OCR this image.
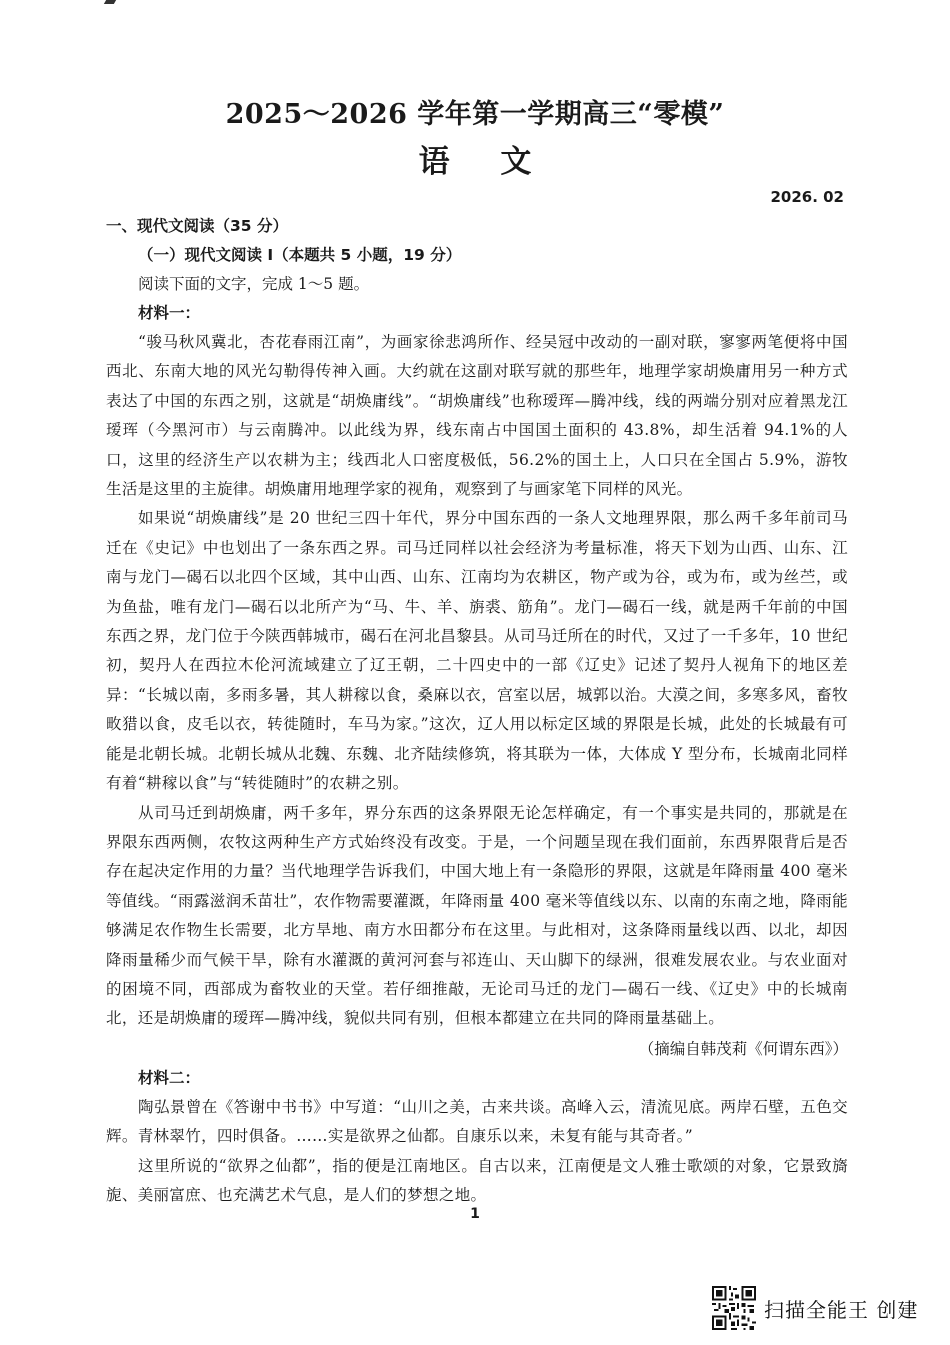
2025～2026 学年第一学期高三“零模”
语 文
2026. 02

一、现代文阅读（35 分）

（一）现代文阅读 I（本题共 5 小题，19 分）

阅读下面的文字，完成 1～5 题。

材料一：

“骏马秋风冀北，杏花春雨江南”，为画家徐悲鸿所作、经吴冠中改动的一副对联，寥寥两笔便将中国西北、东南大地的风光勾勒得传神入画。大约就在这副对联写就的那些年，地理学家胡焕庸用另一种方式表达了中国的东西之别，这就是“胡焕庸线”。“胡焕庸线”也称瑷珲—腾冲线，线的两端分别对应着黑龙江瑷珲（今黑河市）与云南腾冲。以此线为界，线东南占中国国土面积的 43.8%，却生活着 94.1%的人口，这里的经济生产以农耕为主；线西北人口密度极低，56.2%的国土上，人口只在全国占 5.9%，游牧生活是这里的主旋律。胡焕庸用地理学家的视角，观察到了与画家笔下同样的风光。

如果说“胡焕庸线”是 20 世纪三四十年代，界分中国东西的一条人文地理界限，那么两千多年前司马迁在《史记》中也划出了一条东西之界。司马迁同样以社会经济为考量标准，将天下划为山西、山东、江南与龙门—碣石以北四个区域，其中山西、山东、江南均为农耕区，物产或为谷，或为布，或为丝苎，或为鱼盐，唯有龙门—碣石以北所产为“马、牛、羊、旃裘、筋角”。龙门—碣石一线，就是两千年前的中国东西之界，龙门位于今陕西韩城市，碣石在河北昌黎县。从司马迁所在的时代，又过了一千多年，10 世纪初，契丹人在西拉木伦河流域建立了辽王朝，二十四史中的一部《辽史》记述了契丹人视角下的地区差异：“长城以南，多雨多暑，其人耕稼以食，桑麻以衣，宫室以居，城郭以治。大漠之间，多寒多风，畜牧畋猎以食，皮毛以衣，转徙随时，车马为家。”这次，辽人用以标定区域的界限是长城，此处的长城最有可能是北朝长城。北朝长城从北魏、东魏、北齐陆续修筑，将其联为一体，大体成 Y 型分布，长城南北同样有着“耕稼以食”与“转徙随时”的农耕之别。

从司马迁到胡焕庸，两千多年，界分东西的这条界限无论怎样确定，有一个事实是共同的，那就是在界限东西两侧，农牧这两种生产方式始终没有改变。于是，一个问题呈现在我们面前，东西界限背后是否存在起决定作用的力量？当代地理学告诉我们，中国大地上有一条隐形的界限，这就是年降雨量 400 毫米等值线。“雨露滋润禾苗壮”，农作物需要灌溉，年降雨量 400 毫米等值线以东、以南的东南之地，降雨能够满足农作物生长需要，北方旱地、南方水田都分布在这里。与此相对，这条降雨量线以西、以北，却因降雨量稀少而气候干旱，除有水灌溉的黄河河套与祁连山、天山脚下的绿洲，很难发展农业。与农业面对的困境不同，西部成为畜牧业的天堂。若仔细推敲，无论司马迁的龙门—碣石一线、《辽史》中的长城南北，还是胡焕庸的瑷珲—腾冲线，貌似共同有别，但根本都建立在共同的降雨量基础上。

（摘编自韩茂莉《何谓东西》）

材料二：

陶弘景曾在《答谢中书书》中写道：“山川之美，古来共谈。高峰入云，清流见底。两岸石壁，五色交辉。青林翠竹，四时俱备。……实是欲界之仙都。自康乐以来，未复有能与其奇者。”

这里所说的“欲界之仙都”，指的便是江南地区。自古以来，江南便是文人雅士歌颂的对象，它景致旖旎、美丽富庶、也充满艺术气息，是人们的梦想之地。

1
扫描全能王 创建
